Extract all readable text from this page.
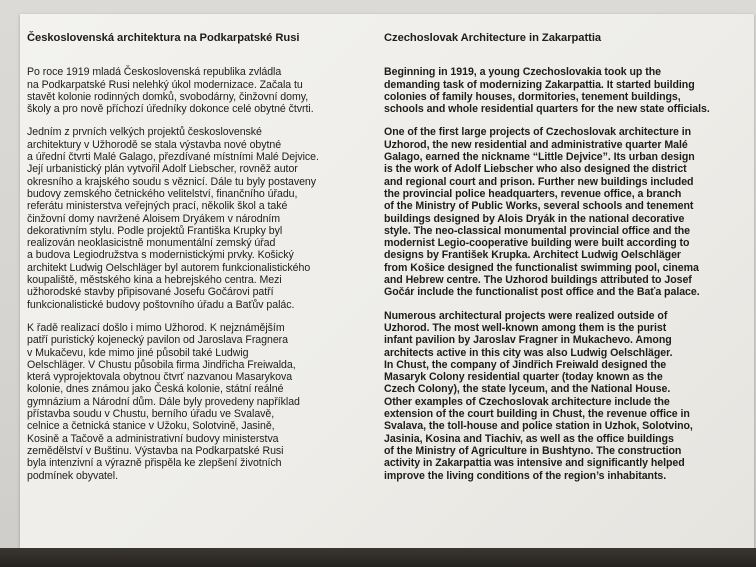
Československá architektura na Podkarpatské Rusi
Po roce 1919 mladá Československá republika zvládla
na Podkarpatské Rusi nelehký úkol modernizace. Začala tu
stavět kolonie rodinných domků, svobodárny, činžovní domy,
školy a pro nově příchozí úředníky dokonce celé obytné čtvrti.
Jedním z prvních velkých projektů československé
architektury v Užhorodě se stala výstavba nové obytné
a úřední čtvrti Malé Galago, přezdívané místními Malé Dejvice.
Její urbanistický plán vytvořil Adolf Liebscher, rovněž autor
okresního a krajského soudu s věznicí. Dále tu byly postaveny
budovy zemského četnického velitelství, finančního úřadu,
referátu ministerstva veřejných prací, několik škol a také
činžovní domy navržené Aloisem Dryákem v národním
dekorativním stylu. Podle projektů Františka Krupky byl
realizován neoklasicistně monumentální zemský úřad
a budova Legiodružstva s modernistickými prvky. Košický
architekt Ludwig Oelschläger byl autorem funkcionalistického
koupaliště, městského kina a hebrejského centra. Mezi
užhorodské stavby připisované Josefu Gočárovi patří
funkcionalistické budovy poštovního úřadu a Baťův palác.
K řadě realizací došlo i mimo Užhorod. K nejznámějším
patří puristický kojenecký pavilon od Jaroslava Fragnera
v Mukačevu, kde mimo jiné působil také Ludwig
Oelschläger. V Chustu působila firma Jindřicha Freiwalda,
která vyprojektovala obytnou čtvrť nazvanou Masarykova
kolonie, dnes známou jako Česká kolonie, státní reálné
gymnázium a Národní dům. Dále byly provedeny například
přístavba soudu v Chustu, berního úřadu ve Svalavě,
celnice a četnická stanice v Užoku, Solotvině, Jasině,
Kosině a Tačově a administrativní budovy ministerstva
zemědělství v Buštinu. Výstavba na Podkarpatské Rusi
byla intenzivní a výrazně přispěla ke zlepšení životních
podmínek obyvatel.
Czechoslovak Architecture in Zakarpattia
Beginning in 1919, a young Czechoslovakia took up the
demanding task of modernizing Zakarpattia. It started building
colonies of family houses, dormitories, tenement buildings,
schools and whole residential quarters for the new state officials.
One of the first large projects of Czechoslovak architecture in
Uzhorod, the new residential and administrative quarter Malé
Galago, earned the nickname “Little Dejvice”. Its urban design
is the work of Adolf Liebscher who also designed the district
and regional court and prison. Further new buildings included
the provincial police headquarters, revenue office, a branch
of the Ministry of Public Works, several schools and tenement
buildings designed by Alois Dryák in the national decorative
style. The neo-classical monumental provincial office and the
modernist Legio-cooperative building were built according to
designs by František Krupka. Architect Ludwig Oelschläger
from Košice designed the functionalist swimming pool, cinema
and Hebrew centre. The Uzhorod buildings attributed to Josef
Gočár include the functionalist post office and the Baťa palace.
Numerous architectural projects were realized outside of
Uzhorod. The most well-known among them is the purist
infant pavilion by Jaroslav Fragner in Mukachevo. Among
architects active in this city was also Ludwig Oelschläger.
In Chust, the company of Jindřich Freiwald designed the
Masaryk Colony residential quarter (today known as the
Czech Colony), the state lyceum, and the National House.
Other examples of Czechoslovak architecture include the
extension of the court building in Chust, the revenue office in
Svalava, the toll-house and police station in Uzhok, Solotvino,
Jasinia, Kosina and Tiachiv, as well as the office buildings
of the Ministry of Agriculture in Bushtyno. The construction
activity in Zakarpattia was intensive and significantly helped
improve the living conditions of the region’s inhabitants.
